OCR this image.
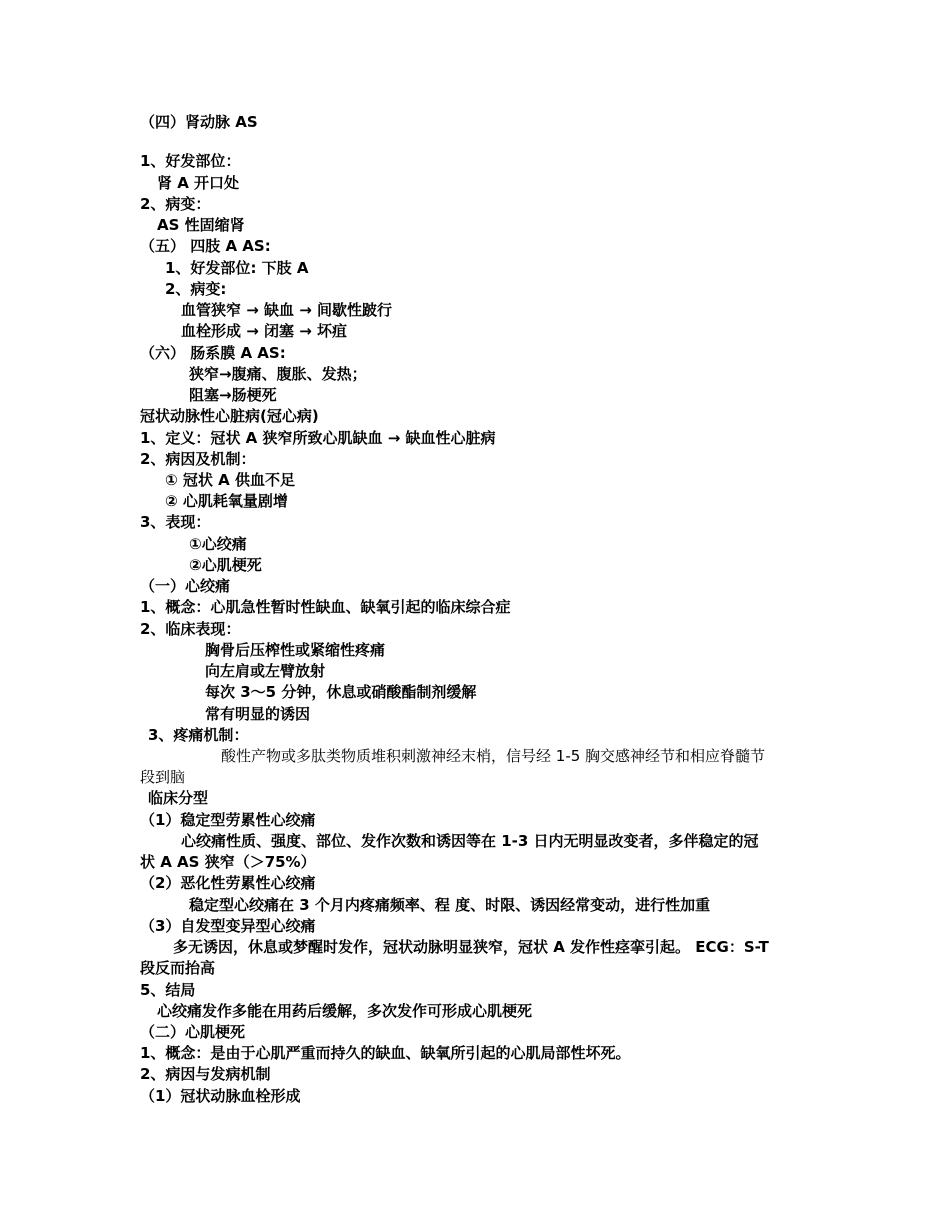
（四）肾动脉 AS
1、好发部位：
肾 A 开口处
2、病变：
AS 性固缩肾
（五） 四肢 A AS:
1、好发部位: 下肢 A
2、病变:
血管狭窄 → 缺血 → 间歇性跛行
血栓形成 → 闭塞 → 坏疽
（六） 肠系膜 A AS:
狭窄→腹痛、腹胀、发热；
阻塞→肠梗死
冠状动脉性心脏病(冠心病)
1、定义：冠状 A 狭窄所致心肌缺血 → 缺血性心脏病
2、病因及机制：
① 冠状 A 供血不足
② 心肌耗氧量剧增
3、表现：
①心绞痛
②心肌梗死
（一）心绞痛
1、概念：心肌急性暂时性缺血、缺氧引起的临床综合症
2、临床表现：
胸骨后压榨性或紧缩性疼痛
向左肩或左臂放射
每次 3～5 分钟，休息或硝酸酯制剂缓解
常有明显的诱因
3、疼痛机制：
酸性产物或多肽类物质堆积刺激神经末梢，信号经 1-5 胸交感神经节和相应脊髓节
段到脑
临床分型
（1）稳定型劳累性心绞痛
心绞痛性质、强度、部位、发作次数和诱因等在 1-3 日内无明显改变者，多伴稳定的冠
状 A AS 狭窄（＞75%）
（2）恶化性劳累性心绞痛
稳定型心绞痛在 3 个月内疼痛频率、程 度、时限、诱因经常变动，进行性加重
（3）自发型变异型心绞痛
多无诱因，休息或梦醒时发作，冠状动脉明显狭窄，冠状 A 发作性痉挛引起。 ECG：S-T
段反而抬高
5、结局
心绞痛发作多能在用药后缓解，多次发作可形成心肌梗死
（二）心肌梗死
1、概念：是由于心肌严重而持久的缺血、缺氧所引起的心肌局部性坏死。
2、病因与发病机制
（1）冠状动脉血栓形成
